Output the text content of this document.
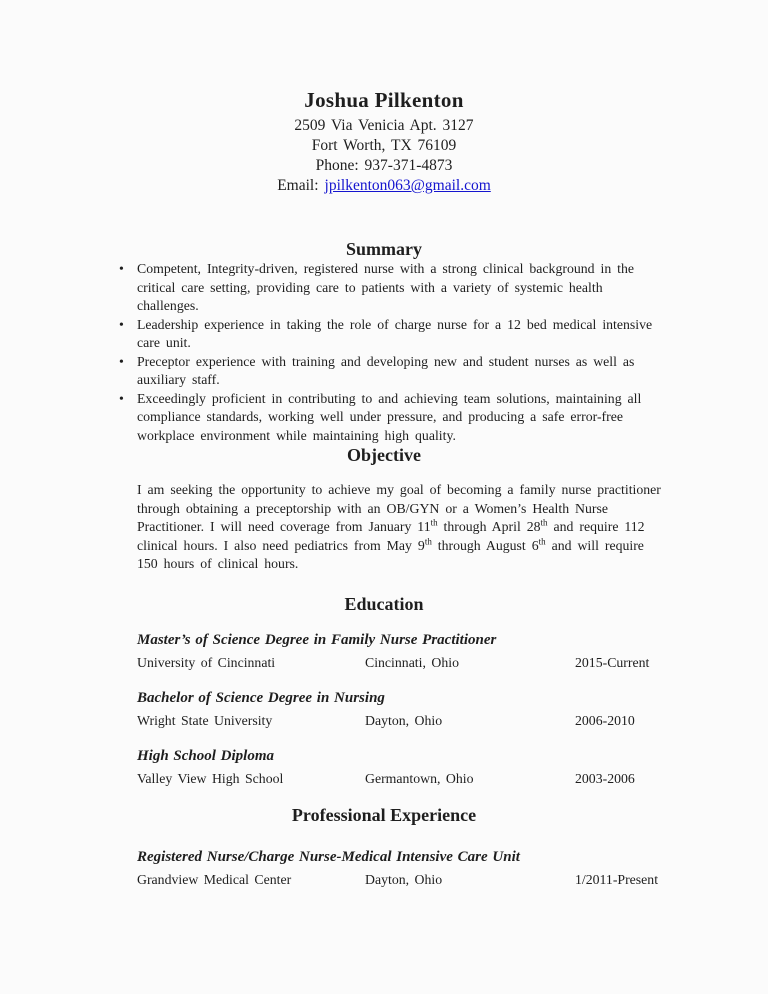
Joshua Pilkenton
2509 Via Venicia Apt. 3127
Fort Worth, TX 76109
Phone: 937-371-4873
Email: jpilkenton063@gmail.com
Summary
• Competent, Integrity-driven, registered nurse with a strong clinical background in the critical care setting, providing care to patients with a variety of systemic health challenges.
• Leadership experience in taking the role of charge nurse for a 12 bed medical intensive care unit.
• Preceptor experience with training and developing new and student nurses as well as auxiliary staff.
• Exceedingly proficient in contributing to and achieving team solutions, maintaining all compliance standards, working well under pressure, and producing a safe error-free workplace environment while maintaining high quality.
Objective

I am seeking the opportunity to achieve my goal of becoming a family nurse practitioner through obtaining a preceptorship with an OB/GYN or a Women’s Health Nurse Practitioner. I will need coverage from January 11th through April 28th and require 112 clinical hours. I also need pediatrics from May 9th through August 6th and will require 150 hours of clinical hours.

Education
Master’s of Science Degree in Family Nurse Practitioner
University of Cincinnati	Cincinnati, Ohio	2015-Current
Bachelor of Science Degree in Nursing
Wright State University	Dayton, Ohio	2006-2010
High School Diploma
Valley View High School	Germantown, Ohio	2003-2006
Professional Experience
Registered Nurse/Charge Nurse-Medical Intensive Care Unit
Grandview Medical Center	Dayton, Ohio	1/2011-Present
